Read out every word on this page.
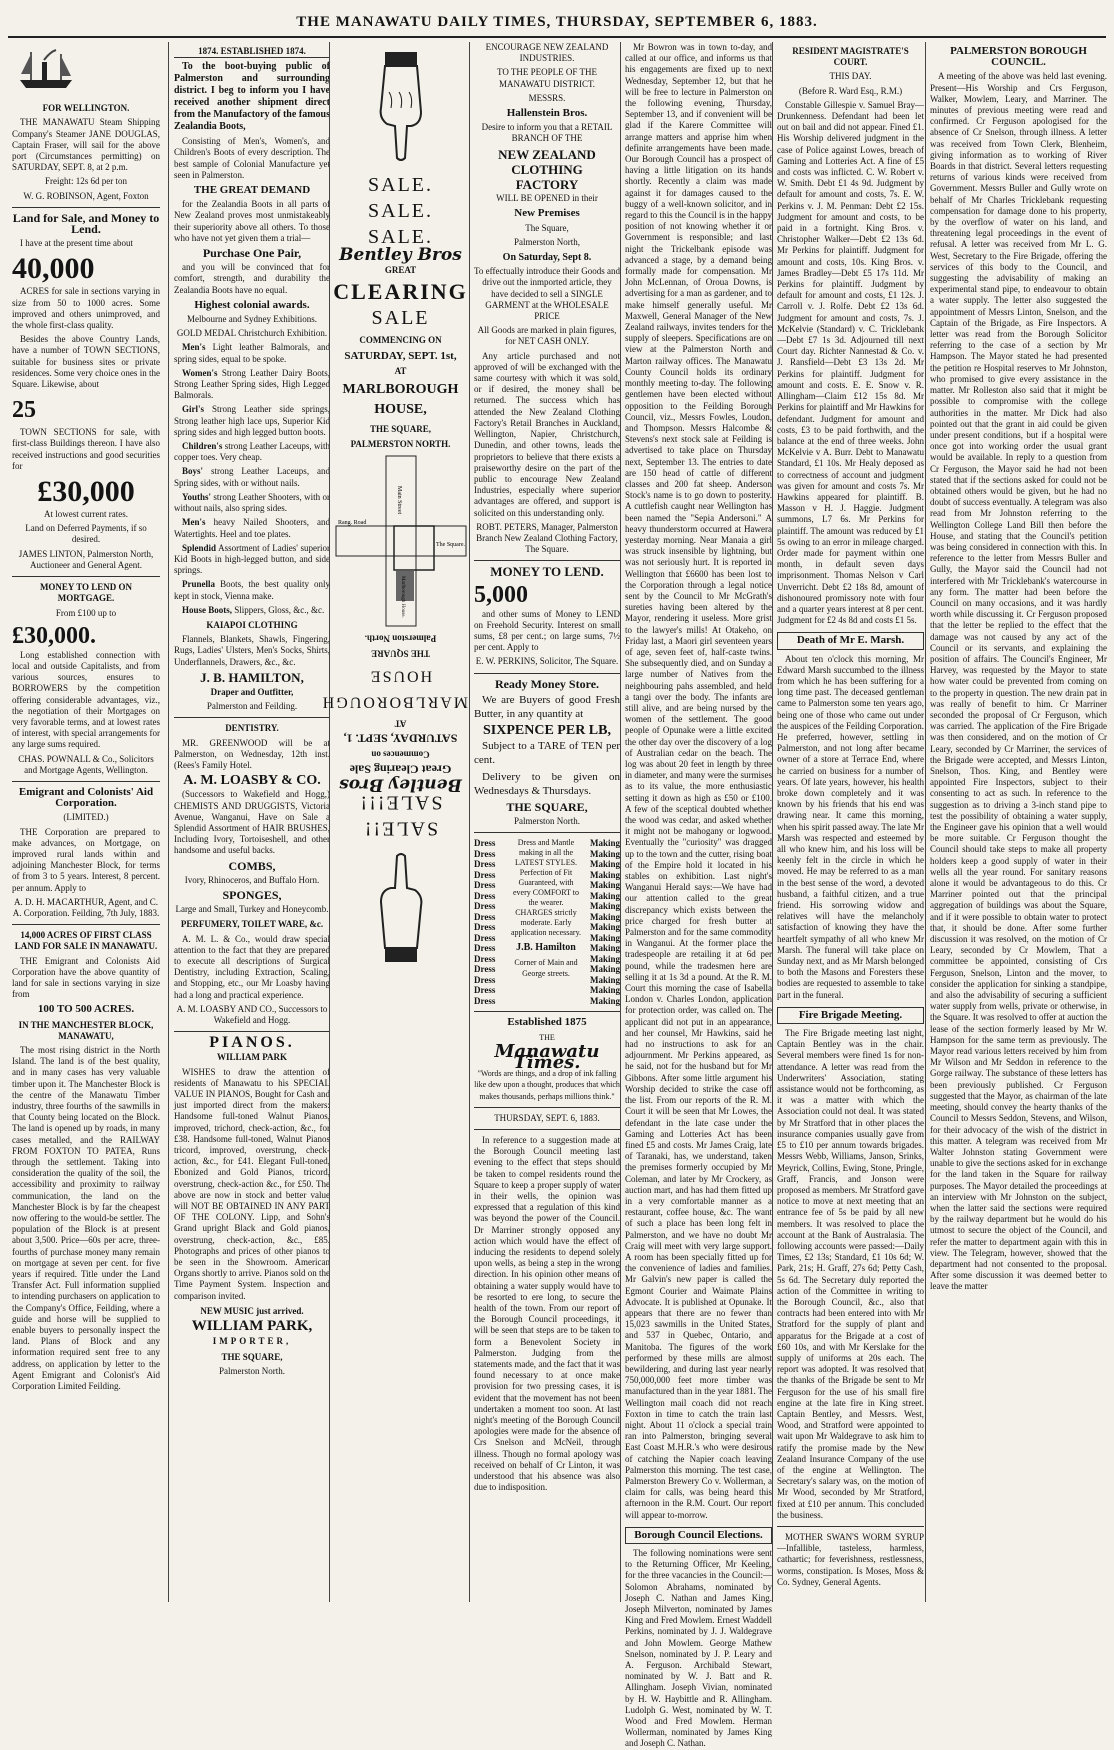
THE MANAWATU DAILY TIMES, THURSDAY, SEPTEMBER 6, 1883.
FOR WELLINGTON.

THE MANAWATU Steam Shipping Company's Steamer JANE DOUGLAS, Captain Fraser, will sail for the above port (Circumstances permitting) on SATURDAY, SEPT. 8, at 2 p.m.

Freight: 12s 6d per ton

W. G. ROBINSON, Agent, Foxton

Land for Sale, and Money to Lend.

I have at the present time about

40,000

ACRES for sale in sections varying in size from 50 to 1000 acres. Some improved and others unimproved, and the whole first-class quality.

Besides the above Country Lands, have a number of TOWN SECTIONS, suitable for business sites or private residences. Some very choice ones in the Square. Likewise, about

25

TOWN SECTIONS for sale, with first-class Buildings thereon. I have also received instructions and good securities for

£30,000

At lowest current rates.

Land on Deferred Payments, if so desired.

JAMES LINTON, Palmerston North, Auctioneer and General Agent.

MONEY TO LEND ON MORTGAGE.

From £100 up to

£30,000.

Long established connection with local and outside Capitalists, and from various sources, ensures to BORROWERS by the competition offering considerable advantages, viz., the negotiation of their Mortgages on very favorable terms, and at lowest rates of interest, with special arrangements for any large sums required.

CHAS. POWNALL & Co., Solicitors and Mortgage Agents, Wellington.

Emigrant and Colonists' Aid Corporation.

(LIMITED.)

THE Corporation are prepared to make advances, on Mortgage, on improved rural lands within and adjoining Manchester Block, for terms of from 3 to 5 years. Interest, 8 percent. per annum. Apply to

A. D. H. MACARTHUR, Agent, and C. A. Corporation. Feilding, 7th July, 1883.

14,000 ACRES OF FIRST CLASS LAND FOR SALE IN MANAWATU.

THE Emigrant and Colonists Aid Corporation have the above quantity of land for sale in sections varying in size from

100 TO 500 ACRES.
IN THE MANCHESTER BLOCK, MANAWATU,

The most rising district in the North Island. The land is of the best quality, and in many cases has very valuable timber upon it. The Manchester Block is the centre of the Manawatu Timber industry, three fourths of the sawmills in that County being located on the Block. The land is opened up by roads, in many cases metalled, and the RAILWAY FROM FOXTON TO PATEA, Runs through the settlement. Taking into consideration the quality of the soil, the accessibility and proximity to railway communication, the land on the Manchester Block is by far the cheapest now offering to the would-be settler. The population of the Block is at present about 3,500. Price—60s per acre, three-fourths of purchase money many remain on mortgage at seven per cent. for five years if required. Title under the Land Transfer Act. Full information supplied to intending purchasers on application to the Company's Office, Feilding, where a guide and horse will be supplied to enable buyers to personally inspect the land. Plans of Block and any information required sent free to any address, on application by letter to the Agent Emigrant and Colonist's Aid Corporation Limited Feilding.

1874. ESTABLISHED 1874.

To the boot-buying public of Palmerston and surrounding district. I beg to inform you I have received another shipment direct from the Manufactory of the famous Zealandia Boots,

Consisting of Men's, Women's, and Children's Boots of every description. The best sample of Colonial Manufacture yet seen in Palmerston.

THE GREAT DEMAND

for the Zealandia Boots in all parts of New Zealand proves most unmistakeably their superiority above all others. To those who have not yet given them a trial—

Purchase One Pair,

and you will be convinced that for comfort, strength, and durability the Zealandia Boots have no equal.

Highest colonial awards.

Melbourne and Sydney Exhibitions.

GOLD MEDAL Christchurch Exhibition.

Men's Light leather Balmorals, and spring sides, equal to be spoke.

Women's Strong Leather Dairy Boots, Strong Leather Spring sides, High Legged Balmorals.

Girl's Strong Leather side springs, Strong leather high lace ups, Superior Kid spring sides and high legged button boots.

Children's strong Leather Laceups, with copper toes. Very cheap.

Boys' strong Leather Laceups, and Spring sides, with or without nails.

Youths' strong Leather Shooters, with or without nails, also spring sides.

Men's heavy Nailed Shooters, and Watertights. Heel and toe plates.

Splendid Assortment of Ladies' superior Kid Boots in high-legged button, and side springs.

Prunella Boots, the best quality only kept in stock, Vienna make.

House Boots, Slippers, Gloss, &c., &c.

KAIAPOI CLOTHING

Flannels, Blankets, Shawls, Fingering, Rugs, Ladies' Ulsters, Men's Socks, Shirts, Underflannels, Drawers, &c., &c.

J. B. HAMILTON,
Draper and Outfitter,
Palmerston and Feilding.
DENTISTRY.

MR. GREENWOOD will be at Palmerston, on Wednesday, 12th inst. (Rees's Family Hotel.

A. M. LOASBY & CO.

(Successors to Wakefield and Hogg,) CHEMISTS AND DRUGGISTS, Victoria Avenue, Wanganui, Have on Sale a Splendid Assortment of HAIR BRUSHES, Including Ivory, Tortoiseshell, and other handsome and useful backs.

COMBS,

Ivory, Rhinoceros, and Buffalo Horn.

SPONGES,

Large and Small, Turkey and Honeycomb.

PERFUMERY, TOILET WARE, &c.

A. M. L. & Co., would draw special attention to the fact that they are prepared to execute all descriptions of Surgical Dentistry, including Extraction, Scaling, and Stopping, etc., our Mr Loasby having had a long and practical experience.

A. M. LOASBY AND CO., Successors to Wakefield and Hogg.

PIANOS.
WILLIAM PARK

WISHES to draw the attention of residents of Manawatu to his SPECIAL VALUE IN PIANOS, Bought for Cash and just imported direct from the makers: Handsome full-toned Walnut Pianos, improved, trichord, check-action, &c., for £38. Handsome full-toned, Walnut Pianos tricord, improved, overstrung, check-action, &c., for £41. Elegant Full-toned, Ebonized and Gold Pianos, tricord, overstrung, check-action &c., for £50. The above are now in stock and better value will NOT BE OBTAINED IN ANY PART OF THE COLONY. Lipp, and Sohn's Grand upright Black and Gold pianos, overstrung, check-action, &c., £85. Photographs and prices of other pianos to be seen in the Showroom. American Organs shortly to arrive. Pianos sold on the Time Payment System. Inspection and comparison invited.

NEW MUSIC just arrived.
WILLIAM PARK,
IMPORTER,
THE SQUARE,
Palmerston North.
SALE. SALE. SALE.
Bentley Bros
GREAT
CLEARING
SALE
COMMENCING ON
SATURDAY, SEPT. 1st,
AT
MARLBOROUGH HOUSE,
THE SQUARE,
PALMERSTON NORTH.
The Square.
Main Street
Rang. Road
Marlborough House.
SALE!! SALE!!!
Bentley Bros
Great Clearing Sale
Commences on
SATURDAY, SEPT. 1,
AT
MARLBOROUGH
HOUSE
THE SQUARE
Palmerston North.
ENCOURAGE NEW ZEALAND INDUSTRIES.
TO THE PEOPLE OF THE MANAWATU DISTRICT.
MESSRS.
Hallenstein Bros.

Desire to inform you that a RETAIL BRANCH OF THE

NEW ZEALAND
CLOTHING
FACTORY
WILL BE OPENED in their
New Premises
The Square,
Palmerston North,
On Saturday, Sept 8.

To effectually introduce their Goods and drive out the inmported article, they have decided to sell a SINGLE GARMENT at the WHOLESALE PRICE

All Goods are marked in plain figures, for NET CASH ONLY.

Any article purchased and not approved of will be exchanged with the same courtesy with which it was sold, or if desired, the money shall be returned. The success which has attended the New Zealand Clothing Factory's Retail Branches in Auckland, Wellington, Napier, Christchurch, Dunedin, and other towns, leads the proprietors to believe that there exists a praiseworthy desire on the part of the public to encourage New Zealand Industries, especially where superior advantages are offered, and support is solicited on this understanding only.

ROBT. PETERS, Manager, Palmerston Branch New Zealand Clothing Factory, The Square.

MONEY TO LEND.
5,000

and other sums of Money to LEND on Freehold Security. Interest on small sums, £8 per cent.; on large sums, 7½ per cent. Apply to

E. W. PERKINS, Solicitor, The Square.

Ready Money Store.

We are Buyers of good Fresh Butter, in any quantity at

SIXPENCE PER LB,

Subject to a TARE of TEN per cent.

Delivery to be given on Wednesdays & Thursdays.

THE SQUARE,
Palmerston North.
Dress
Dress
Dress
Dress
Dress
Dress
Dress
Dress
Dress
Dress
Dress
Dress
Dress
Dress
Dress
Dress

Dress and Mantle making in all the LATEST STYLES. Perfection of Fit Guaranteed, with every COMFORT to the wearer. CHARGES strictly moderate. Early application necessary.

J.B. Hamilton

Corner of Main and George streets.

Making
Making
Making
Making
Making
Making
Making
Making
Making
Making
Making
Making
Making
Making
Making
Making
Established 1875
THE
Manawatu Times.

"Words are things, and a drop of ink falling like dew upon a thought, produces that which makes thousands, perhaps millions think."

THURSDAY, SEPT. 6, 1883.

In reference to a suggestion made at the Borough Council meeting last evening to the effect that steps should be taken to compel residents round the Square to keep a proper supply of water in their wells, the opinion was expressed that a regulation of this kind was beyond the power of the Council. Dr Marriner strongly opposed any action which would have the effect of inducing the residents to depend solely upon wells, as being a step in the wrong direction. In his opinion other means of obtaining a water supply would have to be resorted to ere long, to secure the health of the town. From our report of the Borough Council proceedings, it will be seen that steps are to be taken to form a Benevolent Society in Palmerston. Judging from the statements made, and the fact that it was found necessary to at once make provision for two pressing cases, it is evident that the movement has not been undertaken a moment too soon. At last night's meeting of the Borough Council apologies were made for the absence of Crs Snelson and McNeil, through illness. Though no formal apology was received on behalf of Cr Linton, it was understood that his absence was also due to indisposition.

Mr Bowron was in town to-day, and called at our office, and informs us that his engagements are fixed up to next Wednesday, September 12, but that he will be free to lecture in Palmerston on the following evening, Thursday, September 13, and if convenient will be glad if the Karere Committee will arrange matters and apprise him when definite arrangements have been made. Our Borough Council has a prospect of having a little litigation on its hands shortly. Recently a claim was made against it for damages caused to the buggy of a well-known solicitor, and in regard to this the Council is in the happy position of not knowing whether it or Government is responsible; and last night the Trickelbank episode was advanced a stage, by a demand being formally made for compensation. Mr John McLennan, of Oroua Downs, is advertising for a man as gardener, and to make himself generally useful. Mr Maxwell, General Manager of the New Zealand railways, invites tenders for the supply of sleepers. Specifications are on view at the Palmerston North and Marton railway offices. The Manawatu County Council holds its ordinary monthly meeting to-day. The following gentlemen have been elected without opposition to the Feilding Borough Council, viz., Messrs Fowles, Loudon, and Thompson. Messrs Halcombe & Stevens's next stock sale at Feilding is advertised to take place on Thursday next, September 13. The entries to date are 150 head of cattle of different classes and 200 fat sheep. Anderson Stock's name is to go down to posterity. A cuttlefish caught near Wellington has been named the "Sepia Andersoni." A heavy thunderstorm occurred at Hawera yesterday morning. Near Manaia a girl was struck insensible by lightning, but was not seriously hurt. It is reported in Wellington that £6600 has been lost to the Corporation through a legal notice sent by the Council to Mr McGrath's sureties having been altered by the Mayor, rendering it useless. More grist to the lawyer's mills! At Otakeho, on Friday last, a Maori girl seventeen years of age, seven feet of, half-caste twins. She subsequently died, and on Sunday a large number of Natives from the neighbouring pahs assembled, and held a tangi over the body. The infants are still alive, and are being nursed by the women of the settlement. The good people of Opunake were a little excited the other day over the discovery of a log of Australian cedar on the beach. The log was about 20 feet in length by three in diameter, and many were the surmises as to its value, the more enthusiastic setting it down as high as £50 or £100. A few of the sceptical doubted whether the wood was cedar, and asked whether it might not be mahogany or logwood. Eventually the "curiosity" was dragged up to the town and the cutter, rising boat of the Empire hold it located in his stables on exhibition. Last night's Wanganui Herald says:—We have had our attention called to the great discrepancy which exists between the price charged for fresh butter at Palmerston and for the same commodity in Wanganui. At the former place the tradespeople are retailing it at 6d per pound, while the tradesmen here are selling it at 1s 3d a pound. At the R. M. Court this morning the case of Isabella London v. Charles London, application for protection order, was called on. The applicant did not put in an appearance, and her counsel, Mr Hawkins, said he had no instructions to ask for an adjournment. Mr Perkins appeared, as he said, not for the husband but for Mr Gibbons. After some little argument his Worship decided to strike the case off the list. From our reports of the R. M. Court it will be seen that Mr Lowes, the defendant in the late case under the Gaming and Lotteries Act has been fined £5 and costs. Mr James Craig, late of Taranaki, has, we understand, taken the premises formerly occupied by Mr Coleman, and later by Mr Crockery, as auction mart, and has had them fitted up in a very comfortable manner as a restaurant, coffee house, &c. The want of such a place has been long felt in Palmerston, and we have no doubt Mr Craig will meet with very large support. A room has been specially fitted up for the convenience of ladies and families. Mr Galvin's new paper is called the Egmont Courier and Waimate Plains Advocate. It is published at Opunake. It appears that there are no fewer than 15,023 sawmills in the United States, and 537 in Quebec, Ontario, and Manitoba. The figures of the work performed by these mills are almost bewildering, and during last year nearly 750,000,000 feet more timber was manufactured than in the year 1881. The Wellington mail coach did not reach Foxton in time to catch the train last night. About 11 o'clock a special train ran into Palmerston, bringing several East Coast M.H.R.'s who were desirous of catching the Napier coach leaving Palmerston this morning. The test case, Palmerston Brewery Co v. Wollerman, a claim for calls, was being heard this afternoon in the R.M. Court. Our report will appear to-morrow.

Borough Council Elections.

The following nominations were sent to the Returning Officer, Mr Keeling, for the three vacancies in the Council:— Solomon Abrahams, nominated by Joseph C. Nathan and James King. Joseph Milverton, nominated by James King and Fred Mowlem. Ernest Waddell Perkins, nominated by J. J. Waldegrave and John Mowlem. George Mathew Snelson, nominated by J. P. Leary and A. Ferguson. Archibald Stewart, nominated by W. J. Batt and R. Allingham. Joseph Vivian, nominated by H. W. Haybittle and R. Allingham. Ludolph G. West, nominated by W. T. Wood and Fred Mowlem. Herman Wollerman, nominated by James King and Joseph C. Nathan.

RESIDENT MAGISTRATE'S COURT.
THIS DAY.
(Before R. Ward Esq., R.M.)

Constable Gillespie v. Samuel Bray—Drunkenness. Defendant had been let out on bail and did not appear. Fined £1. His Worship delivered judgment in the case of Police against Lowes, breach of Gaming and Lotteries Act. A fine of £5 and costs was inflicted. C. W. Robert v. W. Smith. Debt £1 4s 9d. Judgment by default for amount and costs, 7s. E. W. Perkins v. J. M. Penman: Debt £2 15s. Judgment for amount and costs, to be paid in a fortnight. King Bros. v. Christopher Walker—Debt £2 13s 6d. Mr Perkins for plaintiff. Judgment for amount and costs, 10s. King Bros. v. James Bradley—Debt £5 17s 11d. Mr Perkins for plaintiff. Judgment by default for amount and costs, £1 12s. J. Carroll v. J. Rolfe. Debt £2 13s 6d. Judgment for amount and costs, 7s. J. McKelvie (Standard) v. C. Tricklebank—Debt £7 1s 3d. Adjourned till next Court day. Richter Nannestad & Co. v. J. Ransfield—Debt £3 13s 2d. Mr Perkins for plaintiff. Judgment for amount and costs. E. E. Snow v. R. Allingham—Claim £12 15s 8d. Mr Perkins for plaintiff and Mr Hawkins for defendant. Judgment for amount and costs, £3 to be paid forthwith, and the balance at the end of three weeks. John McKelvie v A. Burr. Debt to Manawatu Standard, £1 10s. Mr Healy deposed as to correctness of account and judgment was given for amount and costs 7s. Mr Hawkins appeared for plaintiff. B. Masson v H. J. Haggie. Judgment summons, L7 6s. Mr Perkins for plaintiff. The amount was reduced by £1 5s owing to an error in mileage charged. Order made for payment within one month, in default seven days imprisonment. Thomas Nelson v Carl Unverricht. Debt £2 18s 8d, amount of dishonoured promissory note with four and a quarter years interest at 8 per cent. Judgment for £2 4s 8d and costs £1 5s.

Death of Mr E. Marsh.

About ten o'clock this morning, Mr Edward Marsh succumbed to the illness from which he has been suffering for a long time past. The deceased gentleman came to Palmerston some ten years ago, being one of those who came out under the auspices of the Feilding Corporation. He preferred, however, settling in Palmerston, and not long after became owner of a store at Terrace End, where he carried on business for a number of years. Of late years, however, his health broke down completely and it was known by his friends that his end was drawing near. It came this morning, when his spirit passed away. The late Mr Marsh was respected and esteemed by all who knew him, and his loss will be keenly felt in the circle in which he moved. He may be referred to as a man in the best sense of the word, a devoted husband, a faithful citizen, and a true friend. His sorrowing widow and relatives will have the melancholy satisfaction of knowing they have the heartfelt sympathy of all who knew Mr Marsh. The funeral will take place on Sunday next, and as Mr Marsh belonged to both the Masons and Foresters these bodies are requested to assemble to take part in the funeral.

Fire Brigade Meeting.

The Fire Brigade meeting last night, Captain Bentley was in the chair. Several members were fined 1s for non-attendance. A letter was read from the Underwriters' Association, stating assistance would not be forthcoming, as it was a matter with which the Association could not deal. It was stated by Mr Stratford that in other places the insurance companies usually gave from £5 to £10 per annum towards brigades. Messrs Webb, Williams, Janson, Srinks, Meyrick, Collins, Ewing, Stone, Pringle, Graff, Francis, and Jonson were proposed as members. Mr Stratford gave notice to move at next meeting that an entrance fee of 5s be paid by all new members. It was resolved to place the account at the Bank of Australasia. The following accounts were passed:—Daily Times, £2 13s; Standard, £1 10s 6d; W. Park, 21s; H. Graff, 27s 6d; Petty Cash, 5s 6d. The Secretary duly reported the action of the Committee in writing to the Borough Council, &c., also that contracts had been entered into with Mr Stratford for the supply of plant and apparatus for the Brigade at a cost of £60 10s, and with Mr Kerslake for the supply of uniforms at 20s each. The report was adopted. It was resolved that the thanks of the Brigade be sent to Mr Ferguson for the use of his small fire engine at the late fire in King street. Captain Bentley, and Messrs. West, Wood, and Stratford were appointed to wait upon Mr Waldegrave to ask him to ratify the promise made by the New Zealand Insurance Company of the use of the engine at Wellington. The Secretary's salary was, on the motion of Mr Wood, seconded by Mr Stratford, fixed at £10 per annum. This concluded the business.

MOTHER SWAN'S WORM SYRUP—Infallible, tasteless, harmless, cathartic; for feverishness, restlessness, worms, constipation. Is Moses, Moss & Co. Sydney, General Agents.

PALMERSTON BOROUGH COUNCIL.

A meeting of the above was held last evening. Present—His Worship and Crs Ferguson, Walker, Mowlem, Leary, and Marriner. The minutes of previous meeting were read and confirmed. Cr Ferguson apologised for the absence of Cr Snelson, through illness. A letter was received from Town Clerk, Blenheim, giving information as to working of River Boards in that district. Several letters requesting returns of various kinds were received from Government. Messrs Buller and Gully wrote on behalf of Mr Charles Tricklebank requesting compensation for damage done to his property, by the overflow of water on his land, and threatening legal proceedings in the event of refusal. A letter was received from Mr L. G. West, Secretary to the Fire Brigade, offering the services of this body to the Council, and suggesting the advisability of making an experimental stand pipe, to endeavour to obtain a water supply. The letter also suggested the appointment of Messrs Linton, Snelson, and the Captain of the Brigade, as Fire Inspectors. A letter was read from the Borough Solicitor referring to the case of a section by Mr Hampson. The Mayor stated he had presented the petition re Hospital reserves to Mr Johnston, who promised to give every assistance in the matter. Mr Rolleston also said that it might be possible to compromise with the college authorities in the matter. Mr Dick had also pointed out that the grant in aid could be given under present conditions, but if a hospital were once got into working order the usual grant would be available. In reply to a question from Cr Ferguson, the Mayor said he had not been stated that if the sections asked for could not be obtained others would be given, but he had no doubt of success eventually. A telegram was also read from Mr Johnston referring to the Wellington College Land Bill then before the House, and stating that the Council's petition was being considered in connection with this. In reference to the letter from Messrs Buller and Gully, the Mayor said the Council had not interfered with Mr Tricklebank's watercourse in any form. The matter had been before the Council on many occasions, and it was hardly worth while discussing it. Cr Ferguson proposed that the letter be replied to the effect that the damage was not caused by any act of the Council or its servants, and explaining the position of affairs. The Council's Engineer, Mr Harvey, was requested by the Mayor to state how water could be prevented from coming on to the property in question. The new drain pat in was really of benefit to him. Cr Marriner seconded the proposal of Cr Ferguson, which was carried. The application of the Fire Brigade was then considered, and on the motion of Cr Leary, seconded by Cr Marriner, the services of the Brigade were accepted, and Messrs Linton, Snelson, Thos. King, and Bentley were appointed Fire Inspectors, subject to their consenting to act as such. In reference to the suggestion as to driving a 3-inch stand pipe to test the possibility of obtaining a water supply, the Engineer gave his opinion that a well would be more suitable. Cr Ferguson thought the Council should take steps to make all property holders keep a good supply of water in their wells all the year round. For sanitary reasons alone it would be advantageous to do this. Cr Marriner pointed out that the principal aggregation of buildings was about the Square, and if it were possible to obtain water to protect that, it should be done. After some further discussion it was resolved, on the motion of Cr Leary, seconded by Cr Mowlem, That a committee be appointed, consisting of Crs Ferguson, Snelson, Linton and the mover, to consider the application for sinking a standpipe, and also the advisability of securing a sufficient water supply from wells, private or otherwise, in the Square. It was resolved to offer at auction the lease of the section formerly leased by Mr W. Hampson for the same term as previously. The Mayor read various letters received by him from Mr Wilson and Mr Seddon in reference to the Gorge railway. The substance of these letters has been previously published. Cr Ferguson suggested that the Mayor, as chairman of the late meeting, should convey the hearty thanks of the Council to Messrs Seddon, Stevens, and Wilson, for their advocacy of the wish of the district in this matter. A telegram was received from Mr Walter Johnston stating Government were unable to give the sections asked for in exchange for the land taken in the Square for railway purposes. The Mayor detailed the proceedings at an interview with Mr Johnston on the subject, when the latter said the sections were required by the railway department but he would do his utmost to secure the object of the Council, and refer the matter to department again with this in view. The Telegram, however, showed that the department had not consented to the proposal. After some discussion it was deemed better to leave the matter
